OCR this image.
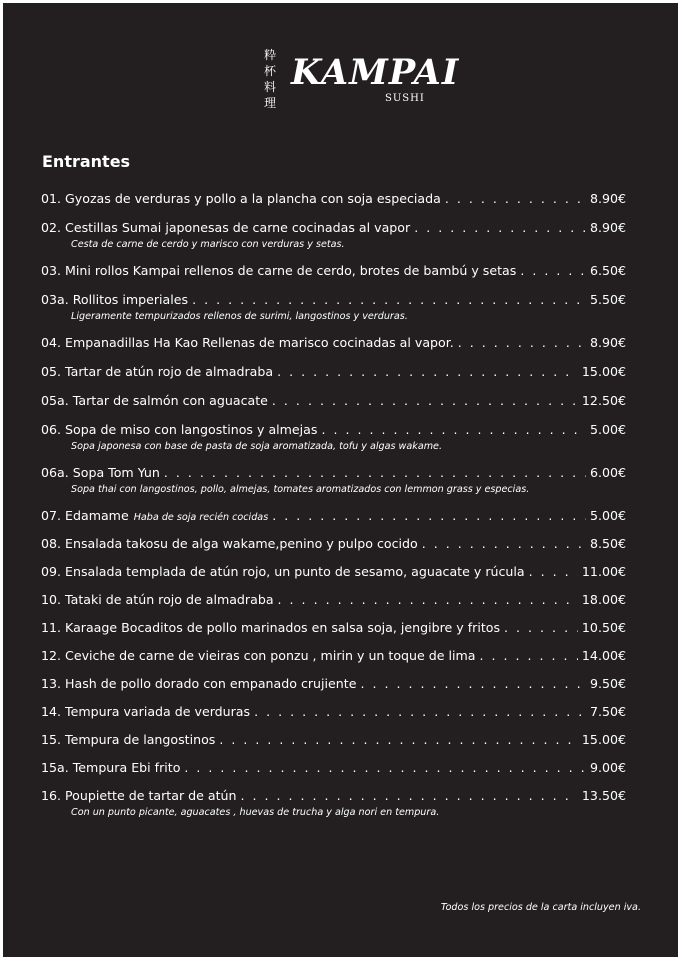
粋
杯
料
理
KAMPAI
SUSHI
Entrantes
01. Gyozas de verduras y pollo a la plancha con soja especiada . . .	8.90€
02. Cestillas Sumai japonesas de carne cocinadas al vapor . . .	8.90€
Cesta de carne de cerdo y marisco con verduras y setas.
03. Mini rollos Kampai rellenos de carne de cerdo, brotes de bambú y setas . . .	6.50€
03a. Rollitos imperiales . . .	5.50€
Ligeramente tempurizados rellenos de surimi, langostinos y verduras.
04. Empanadillas Ha Kao Rellenas de marisco cocinadas al vapor. . . .	8.90€
05. Tartar de atún rojo de almadraba . . .	15.00€
05a. Tartar de salmón con aguacate . . .	12.50€
06. Sopa de miso con langostinos y almejas . . .	5.00€
Sopa japonesa con base de pasta de soja aromatizada, tofu y algas wakame.
06a. Sopa Tom Yun . . .	6.00€
Sopa thai con langostinos, pollo, almejas, tomates aromatizados con lemmon grass y especias.
07. Edamame Haba de soja recién cocidas . . .	5.00€
08. Ensalada takosu de alga wakame,penino y pulpo cocido . . .	8.50€
09. Ensalada templada de atún rojo, un punto de sesamo, aguacate y rúcula . . .	11.00€
10. Tataki de atún rojo de almadraba . . .	18.00€
11. Karaage Bocaditos de pollo marinados en salsa soja, jengibre y fritos . . .	10.50€
12. Ceviche de carne de vieiras con ponzu , mirin y un toque de lima . . .	14.00€
13. Hash de pollo dorado con empanado crujiente . . .	9.50€
14. Tempura variada de verduras . . .	7.50€
15. Tempura de langostinos . . .	15.00€
15a. Tempura Ebi frito . . .	9.00€
16. Poupiette de tartar de atún . . .	13.50€
Con un punto picante, aguacates , huevas de trucha y alga nori en tempura.

Todos los precios de la carta incluyen iva.
